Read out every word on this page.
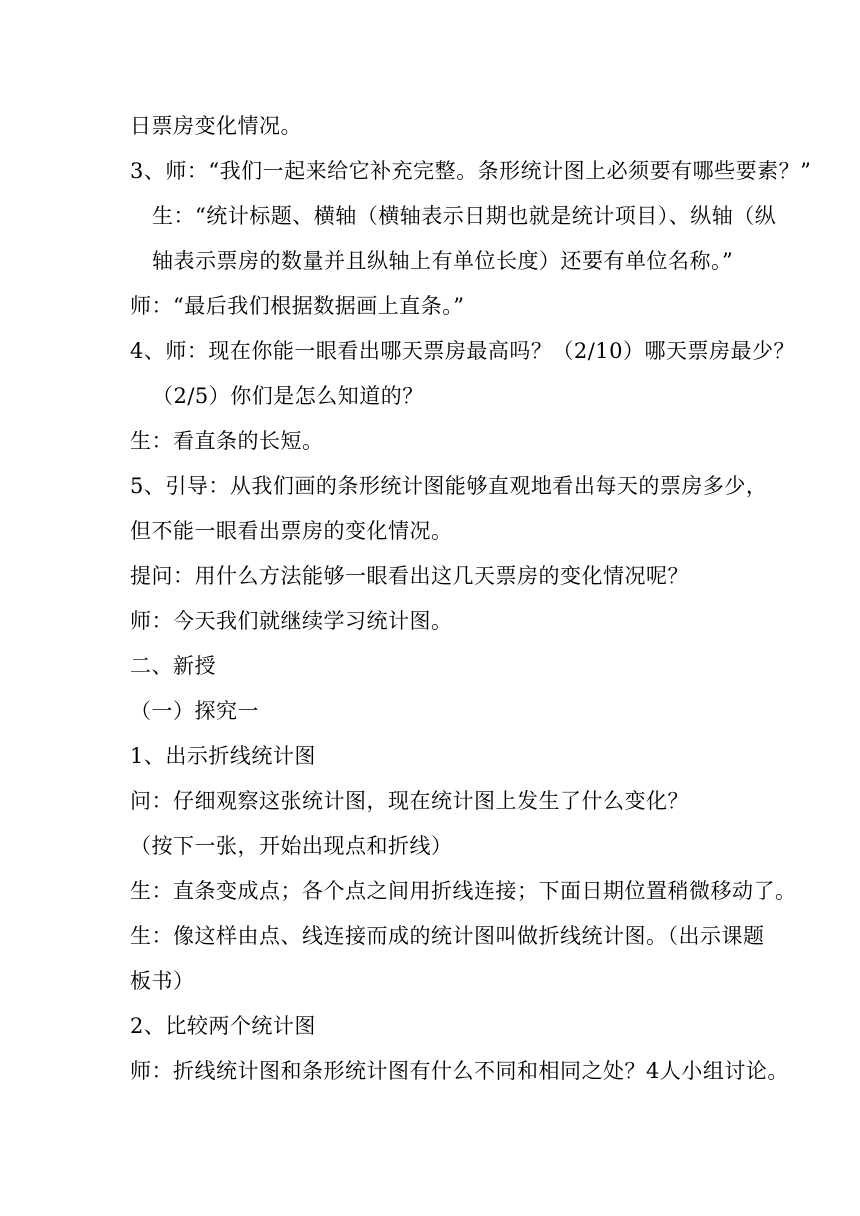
日票房变化情况。
3、师：“我们一起来给它补充完整。条形统计图上必须要有哪些要素？”
生：“统计标题、横轴（横轴表示日期也就是统计项目）、纵轴（纵
轴表示票房的数量并且纵轴上有单位长度）还要有单位名称。”
师：“最后我们根据数据画上直条。”
4、师：现在你能一眼看出哪天票房最高吗？（2/10）哪天票房最少？
（2/5）你们是怎么知道的？
生：看直条的长短。
5、引导：从我们画的条形统计图能够直观地看出每天的票房多少，
但不能一眼看出票房的变化情况。
提问：用什么方法能够一眼看出这几天票房的变化情况呢？
师：今天我们就继续学习统计图。
二、新授
（一）探究一
1、出示折线统计图
问：仔细观察这张统计图，现在统计图上发生了什么变化？
（按下一张，开始出现点和折线）
生：直条变成点；各个点之间用折线连接；下面日期位置稍微移动了。
生：像这样由点、线连接而成的统计图叫做折线统计图。（出示课题
板书）
2、比较两个统计图
师：折线统计图和条形统计图有什么不同和相同之处？4人小组讨论。
